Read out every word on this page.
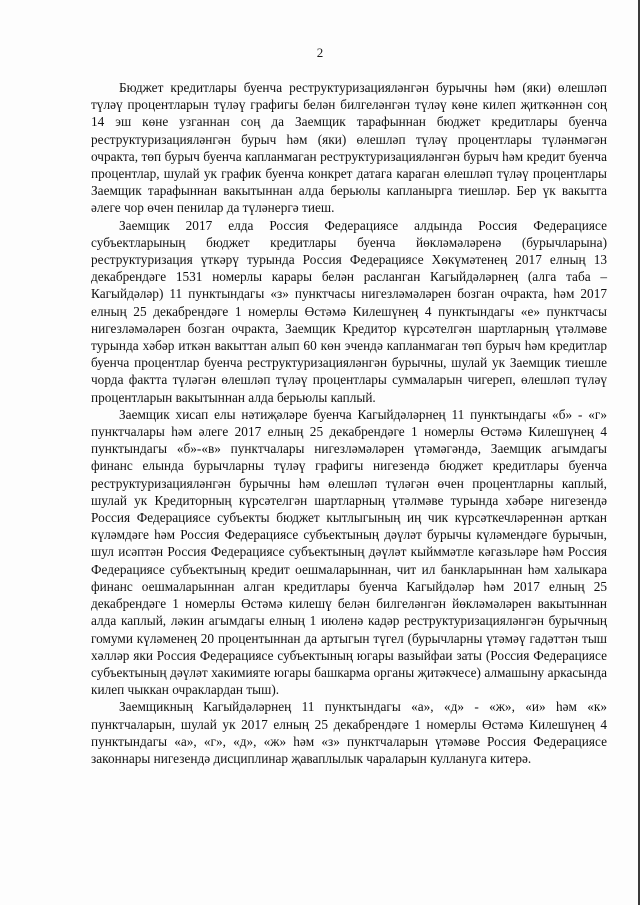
2

Бюджет кредитлары буенча реструктуризацияләнгән бурычны һәм (яки) өлешләп түләү процентларын түләү графигы белән билгеләнгән түләү көне килеп җиткәннән соң 14 эш көне узганнан соң да Заемщик тарафыннан бюджет кредитлары буенча реструктуризацияләнгән бурыч һәм (яки) өлешләп түләү процентлары түләнмәгән очракта, төп бурыч буенча капланмаган реструктуризацияләнгән бурыч һәм кредит буенча процентлар, шулай ук график буенча конкрет датага караган өлешләп түләү процентлары Заемщик тарафыннан вакытыннан алда берьюлы капланырга тиешләр. Бер үк вакытта әлеге чор өчен пенилар да түләнергә тиеш.

Заемщик 2017 елда Россия Федерациясе алдында Россия Федерациясе субъектларының бюджет кредитлары буенча йөкләмәләренә (бурычларына) реструктуризация үткәрү турында Россия Федерациясе Хөкүмәтенең 2017 елның 13 декабрендәге 1531 номерлы карары белән расланган Кагыйдәләрнең (алга таба – Кагыйдәләр) 11 пунктындагы «з» пунктчасы нигезләмәләрен бозган очракта, һәм 2017 елның 25 декабрендәге 1 номерлы Өстәмә Килешүнең 4 пунктындагы «е» пунктчасы нигезләмәләрен бозган очракта, Заемщик Кредитор күрсәтелгән шартларның үтәлмәве турында хәбәр иткән вакыттан алып 60 көн эчендә капланмаган төп бурыч һәм кредитлар буенча процентлар буенча реструктуризацияләнгән бурычны, шулай ук Заемщик тиешле чорда фактта түләгән өлешләп түләү процентлары суммаларын чигереп, өлешләп түләү процентларын вакытыннан алда берьюлы каплый.

Заемщик хисап елы нәтиҗәләре буенча Кагыйдәләрнең 11 пунктындагы «б» - «г» пунктчалары һәм әлеге 2017 елның 25 декабрендәге 1 номерлы Өстәмә Килешүнең 4 пунктындагы «б»-«в» пунктчалары нигезләмәләрен үтәмәгәндә, Заемщик агымдагы финанс елында бурычларны түләү графигы нигезендә бюджет кредитлары буенча реструктуризацияләнгән бурычны һәм өлешләп түләгән өчен процентларны каплый, шулай ук Кредиторның күрсәтелгән шартларның үтәлмәве турында хәбәре нигезендә Россия Федерациясе субъекты бюджет кытлыгының иң чик күрсәткечләреннән арткан күләмдәге һәм Россия Федерациясе субъектының дәүләт бурычы күләмендәге бурычын, шул исәптән Россия Федерациясе субъектының дәүләт кыйммәтле кәгазьләре һәм Россия Федерациясе субъектының кредит оешмаларыннан, чит ил банкларыннан һәм халыкара финанс оешмаларыннан алган кредитлары буенча Кагыйдәләр һәм 2017 елның 25 декабрендәге 1 номерлы Өстәмә килешү белән билгеләнгән йөкләмәләрен вакытыннан алда каплый, ләкин агымдагы елның 1 июленә кадәр реструктуризацияләнгән бурычның гомуми күләменең 20 процентыннан да артыгын түгел (бурычларны үтәмәү гадәттән тыш хәлләр яки Россия Федерациясе субъектының югары вазыйфаи заты (Россия Федерациясе субъектының дәүләт хакимияте югары башкарма органы җитәкчесе) алмашыну аркасында килеп чыккан очраклардан тыш).

Заемщикның Кагыйдәләрнең 11 пунктындагы «а», «д» - «ж», «и» һәм «к» пунктчаларын, шулай ук 2017 елның 25 декабрендәге 1 номерлы Өстәмә Килешүнең 4 пунктындагы «а», «г», «д», «ж» һәм «з» пунктчаларын үтәмәве Россия Федерациясе законнары нигезендә дисциплинар җаваплылык чараларын куллануга китерә.
